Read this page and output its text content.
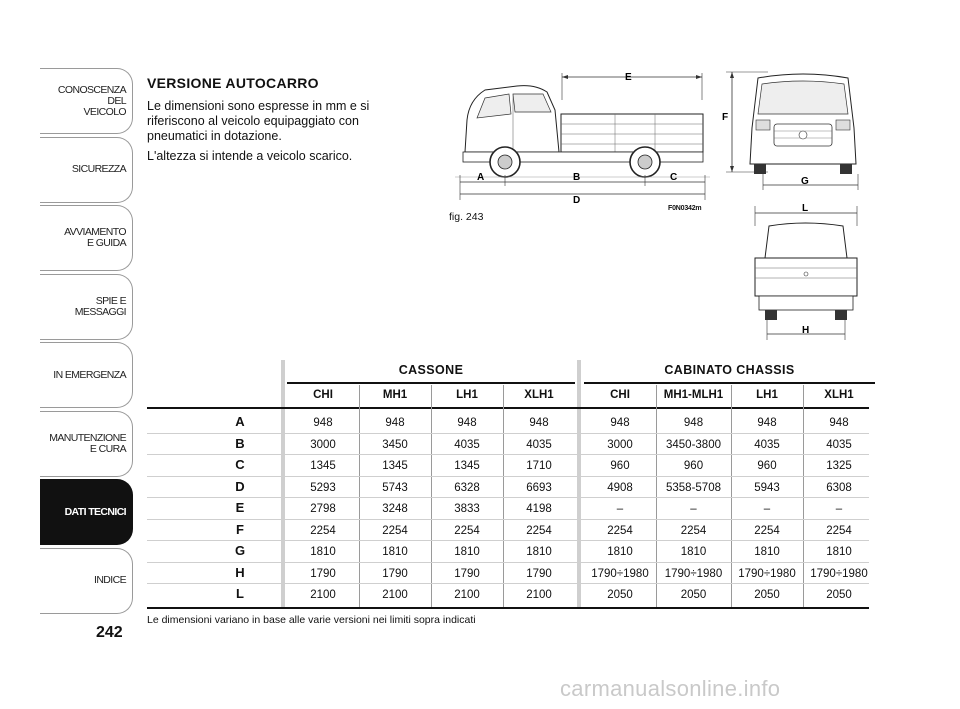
CONOSCENZA
DEL
VEICOLO
SICUREZZA
AVVIAMENTO
E GUIDA
SPIE E
MESSAGGI
IN EMERGENZA
MANUTENZIONE
E CURA
DATI TECNICI
INDICE
242
VERSIONE AUTOCARRO

Le dimensioni sono espresse in mm e si riferiscono al veicolo equipaggiato con pneumatici in dotazione.

L'altezza si intende a veicolo scarico.

E
A	B	C
D
fig. 243
F0N0342m
F
G
L
H
CASSONE	CABINATO CHASSIS
CHI	MH1	LH1	XLH1	CHI	MH1-MLH1	LH1	XLH1
A	948	948	948	948	948	948	948	948
B	3000	3450	4035	4035	3000	3450-3800	4035	4035
C	1345	1345	1345	1710	960	960	960	1325
D	5293	5743	6328	6693	4908	5358-5708	5943	6308
E	2798	3248	3833	4198	–	–	–	–
F	2254	2254	2254	2254	2254	2254	2254	2254
G	1810	1810	1810	1810	1810	1810	1810	1810
H	1790	1790	1790	1790	1790÷1980	1790÷1980	1790÷1980	1790÷1980
L	2100	2100	2100	2100	2050	2050	2050	2050
Le dimensioni variano in base alle varie versioni nei limiti sopra indicati
carmanualsonline.info
